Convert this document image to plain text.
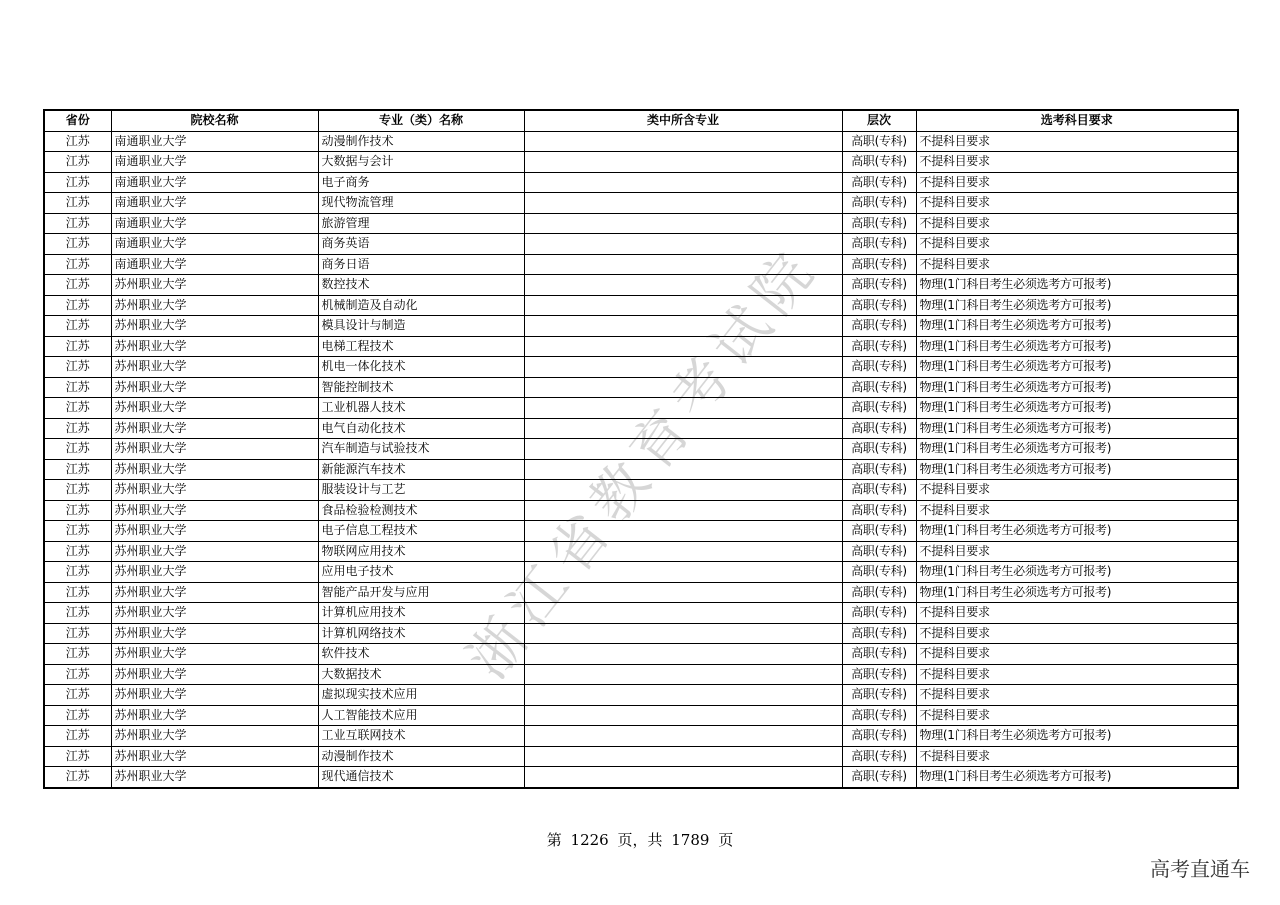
浙江省教育考试院
省份	院校名称	专业（类）名称	类中所含专业	层次	选考科目要求
江苏	南通职业大学	动漫制作技术		高职(专科)	不提科目要求
江苏	南通职业大学	大数据与会计		高职(专科)	不提科目要求
江苏	南通职业大学	电子商务		高职(专科)	不提科目要求
江苏	南通职业大学	现代物流管理		高职(专科)	不提科目要求
江苏	南通职业大学	旅游管理		高职(专科)	不提科目要求
江苏	南通职业大学	商务英语		高职(专科)	不提科目要求
江苏	南通职业大学	商务日语		高职(专科)	不提科目要求
江苏	苏州职业大学	数控技术		高职(专科)	物理(1门科目考生必须选考方可报考)
江苏	苏州职业大学	机械制造及自动化		高职(专科)	物理(1门科目考生必须选考方可报考)
江苏	苏州职业大学	模具设计与制造		高职(专科)	物理(1门科目考生必须选考方可报考)
江苏	苏州职业大学	电梯工程技术		高职(专科)	物理(1门科目考生必须选考方可报考)
江苏	苏州职业大学	机电一体化技术		高职(专科)	物理(1门科目考生必须选考方可报考)
江苏	苏州职业大学	智能控制技术		高职(专科)	物理(1门科目考生必须选考方可报考)
江苏	苏州职业大学	工业机器人技术		高职(专科)	物理(1门科目考生必须选考方可报考)
江苏	苏州职业大学	电气自动化技术		高职(专科)	物理(1门科目考生必须选考方可报考)
江苏	苏州职业大学	汽车制造与试验技术		高职(专科)	物理(1门科目考生必须选考方可报考)
江苏	苏州职业大学	新能源汽车技术		高职(专科)	物理(1门科目考生必须选考方可报考)
江苏	苏州职业大学	服装设计与工艺		高职(专科)	不提科目要求
江苏	苏州职业大学	食品检验检测技术		高职(专科)	不提科目要求
江苏	苏州职业大学	电子信息工程技术		高职(专科)	物理(1门科目考生必须选考方可报考)
江苏	苏州职业大学	物联网应用技术		高职(专科)	不提科目要求
江苏	苏州职业大学	应用电子技术		高职(专科)	物理(1门科目考生必须选考方可报考)
江苏	苏州职业大学	智能产品开发与应用		高职(专科)	物理(1门科目考生必须选考方可报考)
江苏	苏州职业大学	计算机应用技术		高职(专科)	不提科目要求
江苏	苏州职业大学	计算机网络技术		高职(专科)	不提科目要求
江苏	苏州职业大学	软件技术		高职(专科)	不提科目要求
江苏	苏州职业大学	大数据技术		高职(专科)	不提科目要求
江苏	苏州职业大学	虚拟现实技术应用		高职(专科)	不提科目要求
江苏	苏州职业大学	人工智能技术应用		高职(专科)	不提科目要求
江苏	苏州职业大学	工业互联网技术		高职(专科)	物理(1门科目考生必须选考方可报考)
江苏	苏州职业大学	动漫制作技术		高职(专科)	不提科目要求
江苏	苏州职业大学	现代通信技术		高职(专科)	物理(1门科目考生必须选考方可报考)
第 1226 页，共 1789 页
高考直通车
